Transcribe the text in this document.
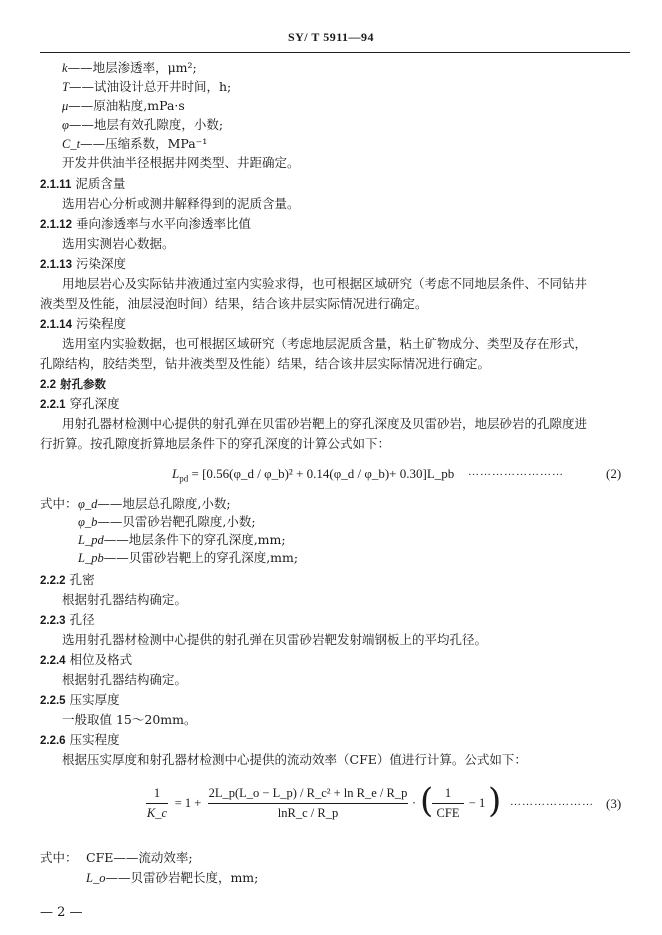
SY/ T 5911—94
k——地层渗透率，μm²;
T——试油设计总开井时间，h;
μ——原油粘度,mPa·s
φ——地层有效孔隙度，小数;
C_t——压缩系数，MPa⁻¹
开发井供油半径根据井网类型、井距确定。
2.1.11 泥质含量
选用岩心分析或测井解释得到的泥质含量。
2.1.12 垂向渗透率与水平向渗透率比值
选用实测岩心数据。
2.1.13 污染深度
用地层岩心及实际钻井液通过室内实验求得，也可根据区域研究（考虑不同地层条件、不同钻井
液类型及性能，油层浸泡时间）结果，结合该井层实际情况进行确定。
2.1.14 污染程度
选用室内实验数据，也可根据区域研究（考虑地层泥质含量，粘土矿物成分、类型及存在形式，
孔隙结构，胶结类型，钻井液类型及性能）结果，结合该井层实际情况进行确定。
2.2 射孔参数
2.2.1 穿孔深度
用射孔器材检测中心提供的射孔弹在贝雷砂岩靶上的穿孔深度及贝雷砂岩，地层砂岩的孔隙度进
行折算。按孔隙度折算地层条件下的穿孔深度的计算公式如下：
$L_{pd}$ = [0.56(φ_d / φ_b)² + 0.14(φ_d / φ_b)+ 0.30]L_pb ……………………	(2)
式中： φ_d——地层总孔隙度,小数;
φ_b——贝雷砂岩靶孔隙度,小数;
L_pd——地层条件下的穿孔深度,mm;
L_pb——贝雷砂岩靶上的穿孔深度,mm;
2.2.2 孔密
根据射孔器结构确定。
2.2.3 孔径
选用射孔器材检测中心提供的射孔弹在贝雷砂岩靶发射端钢板上的平均孔径。
2.2.4 相位及格式
根据射孔器结构确定。
2.2.5 压实厚度
一般取值 15～20mm。
2.2.6 压实程度
根据压实厚度和射孔器材检测中心提供的流动效率（CFE）值进行计算。公式如下：
1
K_c
= 1 +
2L_p(L_o − L_p) / R_c² + ln R_e / R_p
lnR_c / R_p
· ( 1
CFE
− 1 ) ………………… (3)
式中： CFE——流动效率;
L_o——贝雷砂岩靶长度，mm;
— 2 —
